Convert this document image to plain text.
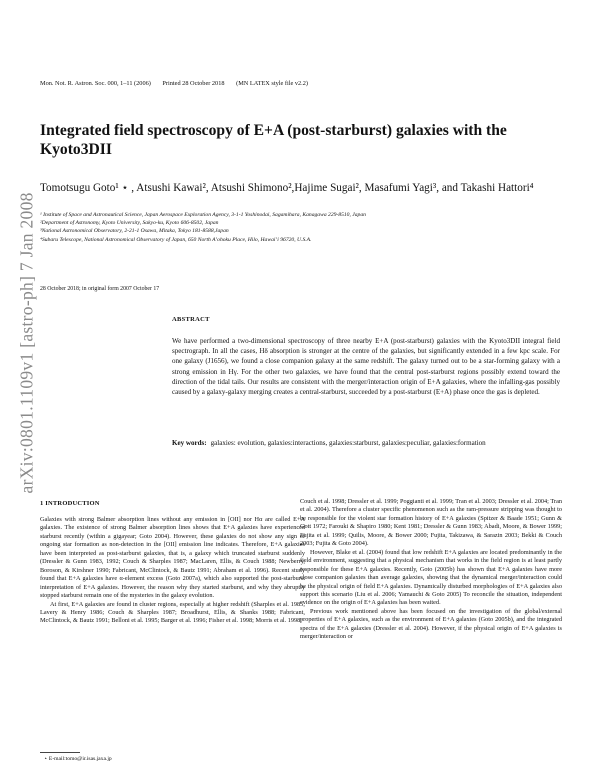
arXiv:0801.1109v1 [astro-ph] 7 Jan 2008
Mon. Not. R. Astron. Soc. 000, 1–11 (2006) Printed 28 October 2018 (MN LATEX style file v2.2)
Integrated field spectroscopy of E+A (post-starburst) galaxies with the Kyoto3DII
Tomotsugu Goto¹ ⋆ , Atsushi Kawai², Atsushi Shimono²,Hajime Sugai², Masafumi Yagi³, and Takashi Hattori⁴
¹ Institute of Space and Astronautical Science, Japan Aerospace Exploration Agency, 3-1-1 Yoshinodai, Sagamihara, Kanagawa 229-8510, Japan
²Department of Astronomy, Kyoto University, Sakyo-ku, Kyoto 606-8502, Japan
³National Astronomical Observatory, 2-21-1 Osawa, Mitaka, Tokyo 181-8588,Japan
⁴Subaru Telescope, National Astronomical Observatory of Japan, 650 North A’ohoku Place, Hilo, Hawai’i 96720, U.S.A.
28 October 2018; in original form 2007 October 17
ABSTRACT
We have performed a two-dimensional spectroscopy of three nearby E+A (post-starburst) galaxies with the Kyoto3DII integral field spectrograph. In all the cases, Hδ absorption is stronger at the centre of the galaxies, but significantly extended in a few kpc scale. For one galaxy (J1656), we found a close companion galaxy at the same redshift. The galaxy turned out to be a star-forming galaxy with a strong emission in Hγ. For the other two galaxies, we have found that the central post-starburst regions possibly extend toward the direction of the tidal tails. Our results are consistent with the merger/interaction origin of E+A galaxies, where the infalling-gas possibly caused by a galaxy-galaxy merging creates a central-starburst, succeeded by a post-starburst (E+A) phase once the gas is depleted.
Key words: galaxies: evolution, galaxies:interactions, galaxies:starburst, galaxies:peculiar, galaxies:formation
1 INTRODUCTION

Galaxies with strong Balmer absorption lines without any emission in [OII] nor Hα are called E+A galaxies. The existence of strong Balmer absorption lines shows that E+A galaxies have experienced starburst recently (within a gigayear; Goto 2004). However, these galaxies do not show any sign of ongoing star formation as non-detection in the [OII] emission line indicates. Therefore, E+A galaxies have been interpreted as post-starburst galaxies, that is, a galaxy which truncated starburst suddenly (Dressler & Gunn 1983, 1992; Couch & Sharples 1987; MacLaren, Ellis, & Couch 1988; Newberry, Boroson, & Kirshner 1990; Fabricant, McClintock, & Bautz 1991; Abraham et al. 1996). Recent study found that E+A galaxies have α-element excess (Goto 2007a), which also supported the post-starburst interpretation of E+A galaxies. However, the reason why they started starburst, and why they abruptly stopped starburst remain one of the mysteries in the galaxy evolution.

At first, E+A galaxies are found in cluster regions, especially at higher redshift (Sharples et al. 1985; Lavery & Henry 1986; Couch & Sharples 1987; Broadhurst, Ellis, & Shanks 1988; Fabricant, McClintock, & Bautz 1991; Belloni et al. 1995; Barger et al. 1996; Fisher et al. 1998; Morris et al. 1998;

Couch et al. 1998; Dressler et al. 1999; Poggianti et al. 1999; Tran et al. 2003; Dressler et al. 2004; Tran et al. 2004). Therefore a cluster specific phenomenon such as the ram-pressure stripping was thought to be responsible for the violent star formation history of E+A galaxies (Spitzer & Baade 1951; Gunn & Gott 1972; Farouki & Shapiro 1980; Kent 1981; Dressler & Gunn 1983; Abadi, Moore, & Bower 1999; Fujita et al. 1999; Quilis, Moore, & Bower 2000; Fujita, Takizawa, & Sarazin 2003; Bekki & Couch 2003; Fujita & Goto 2004).

However, Blake et al. (2004) found that low redshift E+A galaxies are located predominantly in the field environment, suggesting that a physical mechanism that works in the field region is at least partly responsible for these E+A galaxies. Recently, Goto (2005b) has shown that E+A galaxies have more close companion galaxies than average galaxies, showing that the dynamical merger/interaction could be the physical origin of field E+A galaxies. Dynamically disturbed morphologies of E+A galaxies also support this scenario (Liu et al. 2006; Yamauchi & Goto 2005) To reconcile the situation, independent evidence on the origin of E+A galaxies has been waited.

Previous work mentioned above has been focused on the investigation of the global/external properties of E+A galaxies, such as the environment of E+A galaxies (Goto 2005b), and the integrated spectra of the E+A galaxies (Dressler et al. 2004). However, if the physical origin of E+A galaxies is merger/interaction or

⋆ E-mail:tomo@ir.isas.jaxa.jp
